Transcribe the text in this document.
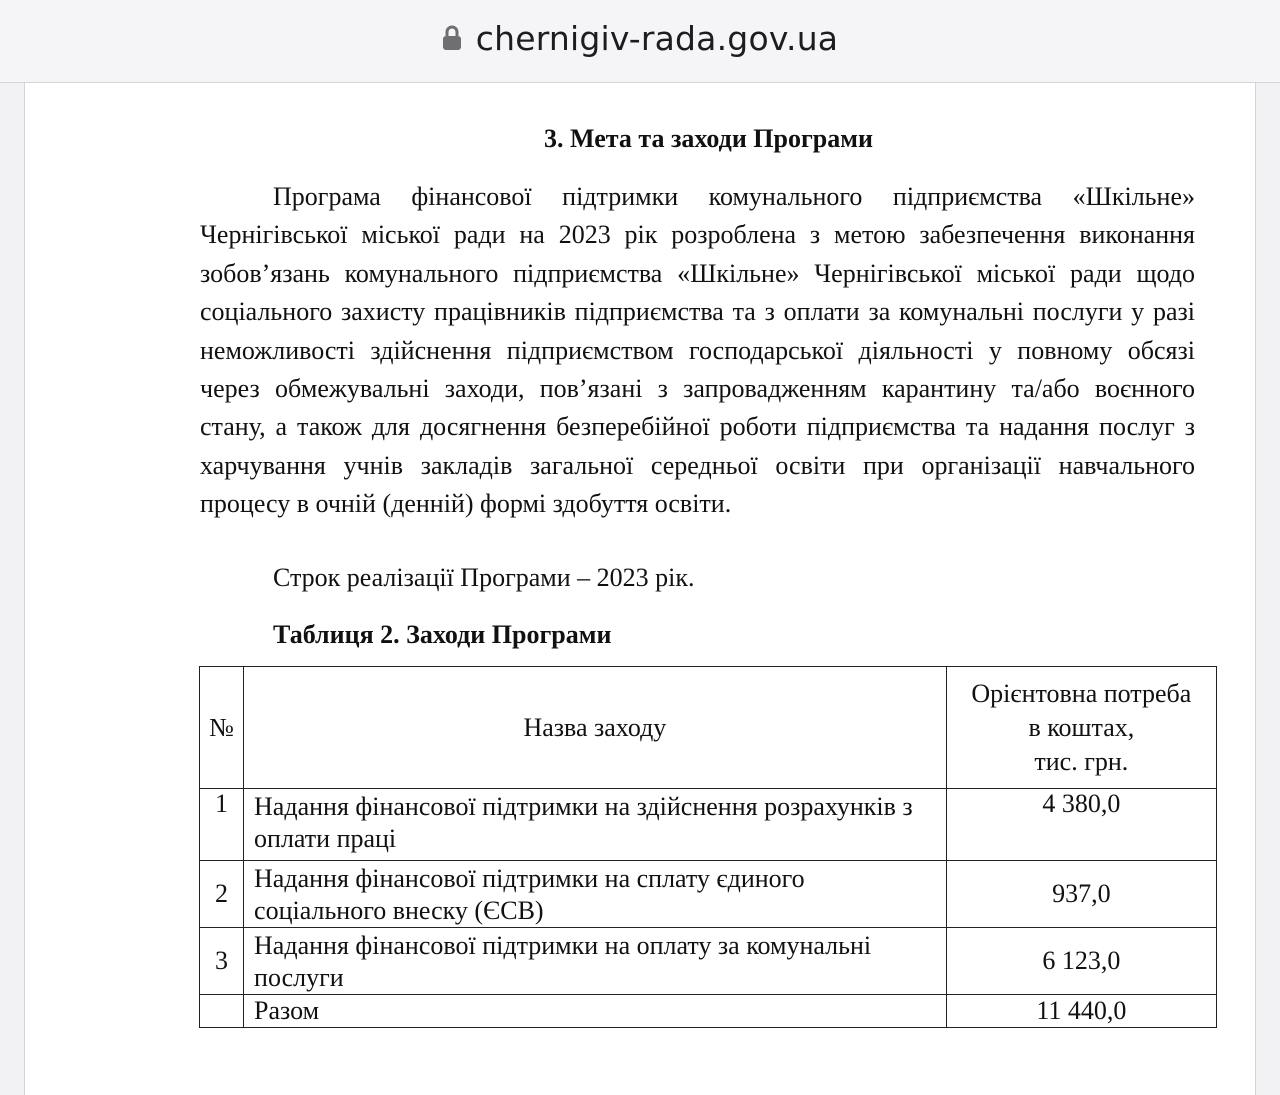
chernigiv-rada.gov.ua
3. Мета та заходи Програми

Програма фінансової підтримки комунального підприємства «Шкільне» Чернігівської міської ради на 2023 рік розроблена з метою забезпечення виконання зобов’язань комунального підприємства «Шкільне» Чернігівської міської ради щодо соціального захисту працівників підприємства та з оплати за комунальні послуги у разі неможливості здійснення підприємством господарської діяльності у повному обсязі через обмежувальні заходи, пов’язані з запровадженням карантину та/або воєнного стану, а також для досягнення безперебійної роботи підприємства та надання послуг з харчування учнів закладів загальної середньої освіти при організації навчального процесу в очній (денній) формі здобуття освіти.

Строк реалізації Програми – 2023 рік.

Таблиця 2. Заходи Програми

№	Назва заходу	Орієнтовна потреба
в коштах,
тис. грн.
1	Надання фінансової підтримки на здійснення розрахунків з оплати праці	4 380,0
2	Надання фінансової підтримки на сплату єдиного соціального внеску (ЄСВ)	937,0
3	Надання фінансової підтримки на оплату за комунальні послуги	6 123,0
	Разом	11 440,0
